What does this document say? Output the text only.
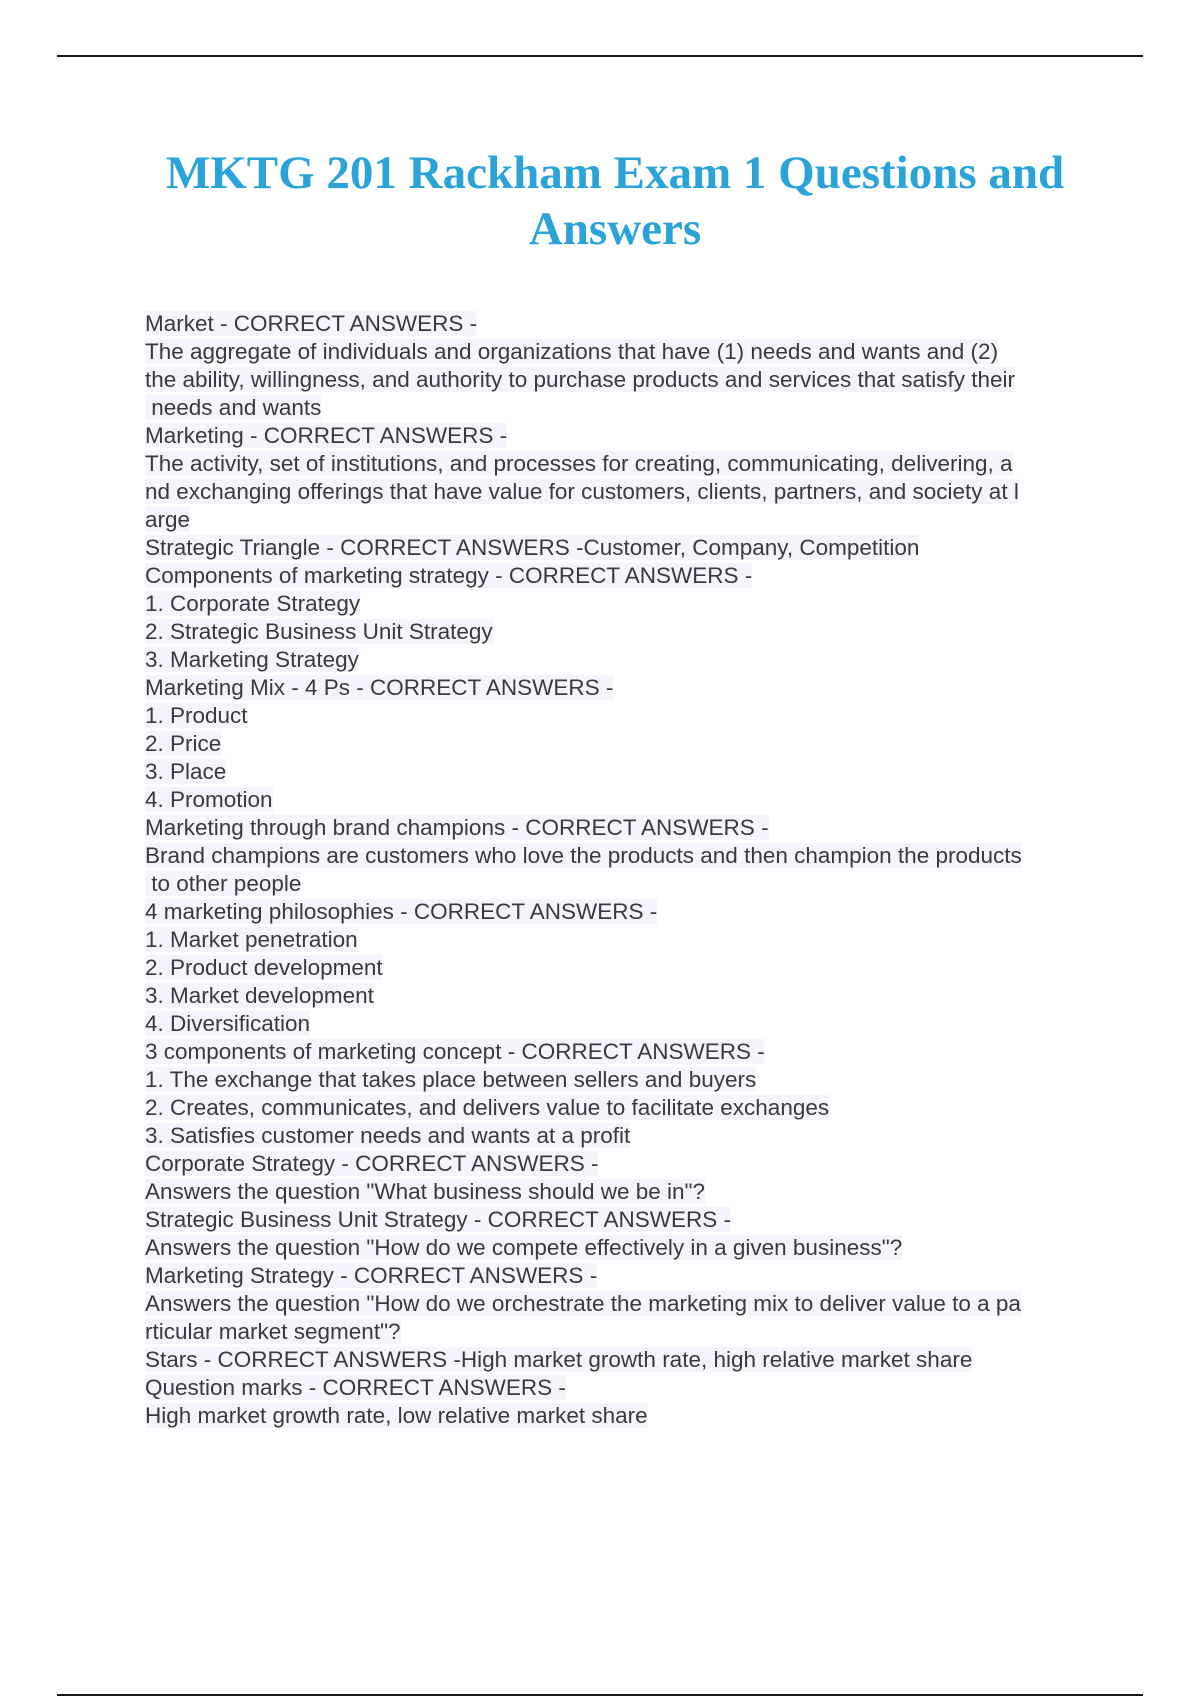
MKTG 201 Rackham Exam 1 Questions and Answers
Market - CORRECT ANSWERS -
The aggregate of individuals and organizations that have (1) needs and wants and (2)
the ability, willingness, and authority to purchase products and services that satisfy their
needs and wants
Marketing - CORRECT ANSWERS -
The activity, set of institutions, and processes for creating, communicating, delivering, a
nd exchanging offerings that have value for customers, clients, partners, and society at l
arge
Strategic Triangle - CORRECT ANSWERS -Customer, Company, Competition
Components of marketing strategy - CORRECT ANSWERS -
1. Corporate Strategy
2. Strategic Business Unit Strategy
3. Marketing Strategy
Marketing Mix - 4 Ps - CORRECT ANSWERS -
1. Product
2. Price
3. Place
4. Promotion
Marketing through brand champions - CORRECT ANSWERS -
Brand champions are customers who love the products and then champion the products
to other people
4 marketing philosophies - CORRECT ANSWERS -
1. Market penetration
2. Product development
3. Market development
4. Diversification
3 components of marketing concept - CORRECT ANSWERS -
1. The exchange that takes place between sellers and buyers
2. Creates, communicates, and delivers value to facilitate exchanges
3. Satisfies customer needs and wants at a profit
Corporate Strategy - CORRECT ANSWERS -
Answers the question "What business should we be in"?
Strategic Business Unit Strategy - CORRECT ANSWERS -
Answers the question "How do we compete effectively in a given business"?
Marketing Strategy - CORRECT ANSWERS -
Answers the question "How do we orchestrate the marketing mix to deliver value to a pa
rticular market segment"?
Stars - CORRECT ANSWERS -High market growth rate, high relative market share
Question marks - CORRECT ANSWERS -
High market growth rate, low relative market share
